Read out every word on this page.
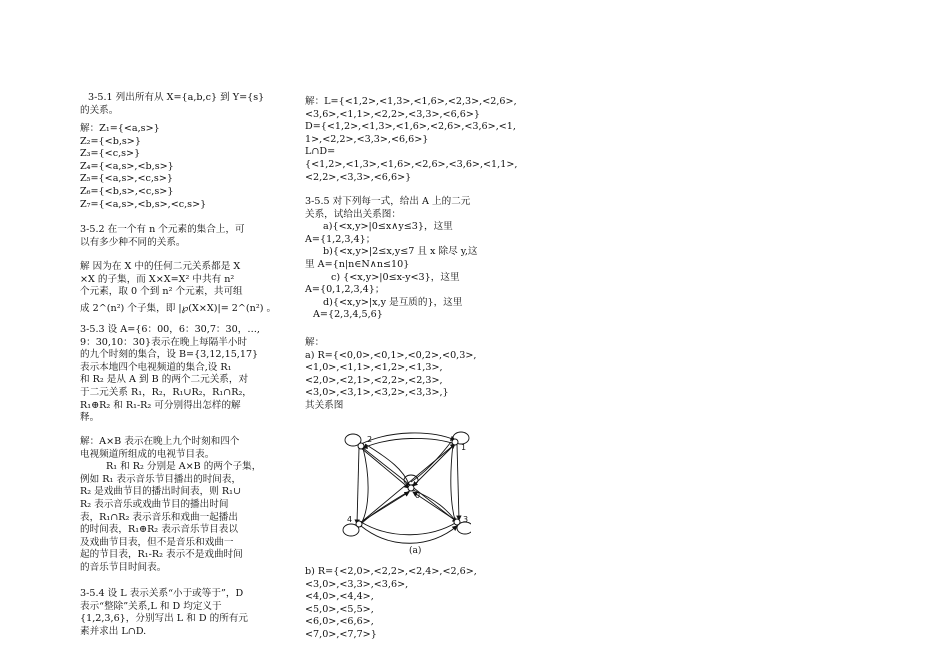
3-5.1 列出所有从 X={a,b,c} 到 Y={s}
的关系。
解：Z₁={<a,s>}
Z₂={<b,s>}
Z₃={<c,s>}
Z₄={<a,s>,<b,s>}
Z₅={<a,s>,<c,s>}
Z₆={<b,s>,<c,s>}
Z₇={<a,s>,<b,s>,<c,s>}
3-5.2 在一个有 n 个元素的集合上，可
以有多少种不同的关系。
解 因为在 X 中的任何二元关系都是 X
×X 的子集，而 X×X=X² 中共有 n²
个元素，取 0 个到 n² 个元素，共可组
成 2^(n²) 个子集，即 |℘(X×X)|= 2^(n²) 。
3-5.3 设 A={6：00，6：30,7：30，…,
9：30,10：30}表示在晚上每隔半小时
的九个时刻的集合，设 B={3,12,15,17}
表示本地四个电视频道的集合,设 R₁
和 R₂ 是从 A 到 B 的两个二元关系，对
于二元关系 R₁，R₂，R₁∪R₂，R₁∩R₂，
R₁⊕R₂ 和 R₁-R₂ 可分别得出怎样的解
释。
解：A×B 表示在晚上九个时刻和四个
电视频道所组成的电视节目表。
R₁ 和 R₂ 分别是 A×B 的两个子集，
例如 R₁ 表示音乐节目播出的时间表，
R₂ 是戏曲节目的播出时间表，则 R₁∪
R₂ 表示音乐或戏曲节目的播出时间
表，R₁∩R₂ 表示音乐和戏曲一起播出
的时间表，R₁⊕R₂ 表示音乐节目表以
及戏曲节目表，但不是音乐和戏曲一
起的节目表，R₁-R₂ 表示不是戏曲时间
的音乐节目时间表。
3-5.4 设 L 表示关系“小于或等于”，D
表示“整除”关系,L 和 D 均定义于
{1,2,3,6}，分别写出 L 和 D 的所有元
素并求出 L∩D.
解：L={<1,2>,<1,3>,<1,6>,<2,3>,<2,6>,
<3,6>,<1,1>,<2,2>,<3,3>,<6,6>}
D={<1,2>,<1,3>,<1,6>,<2,6>,<3,6>,<1,
1>,<2,2>,<3,3>,<6,6>}
L∩D=
{<1,2>,<1,3>,<1,6>,<2,6>,<3,6>,<1,1>,
<2,2>,<3,3>,<6,6>}
3-5.5 对下列每一式，给出 A 上的二元
关系，试给出关系图：
a){<x,y>|0≤x∧y≤3}，这里
A={1,2,3,4}；
b){<x,y>|2≤x,y≤7 且 x 除尽 y,这
里 A={n|n∈N∧n≤10}
c) {<x,y>|0≤x-y<3}，这里
A={0,1,2,3,4}；
d){<x,y>|x,y 是互质的}，这里
A={2,3,4,5,6}
解：
a) R={<0,0>,<0,1>,<0,2>,<0,3>,
<1,0>,<1,1>,<1,2>,<1,3>,
<2,0>,<2,1>,<2,2>,<2,3>,
<3,0>,<3,1>,<3,2>,<3,3>,}
其关系图
2
1
0
4	3
(a)
b) R={<2,0>,<2,2>,<2,4>,<2,6>,
<3,0>,<3,3>,<3,6>,
<4,0>,<4,4>,
<5,0>,<5,5>,
<6,0>,<6,6>,
<7,0>,<7,7>}
